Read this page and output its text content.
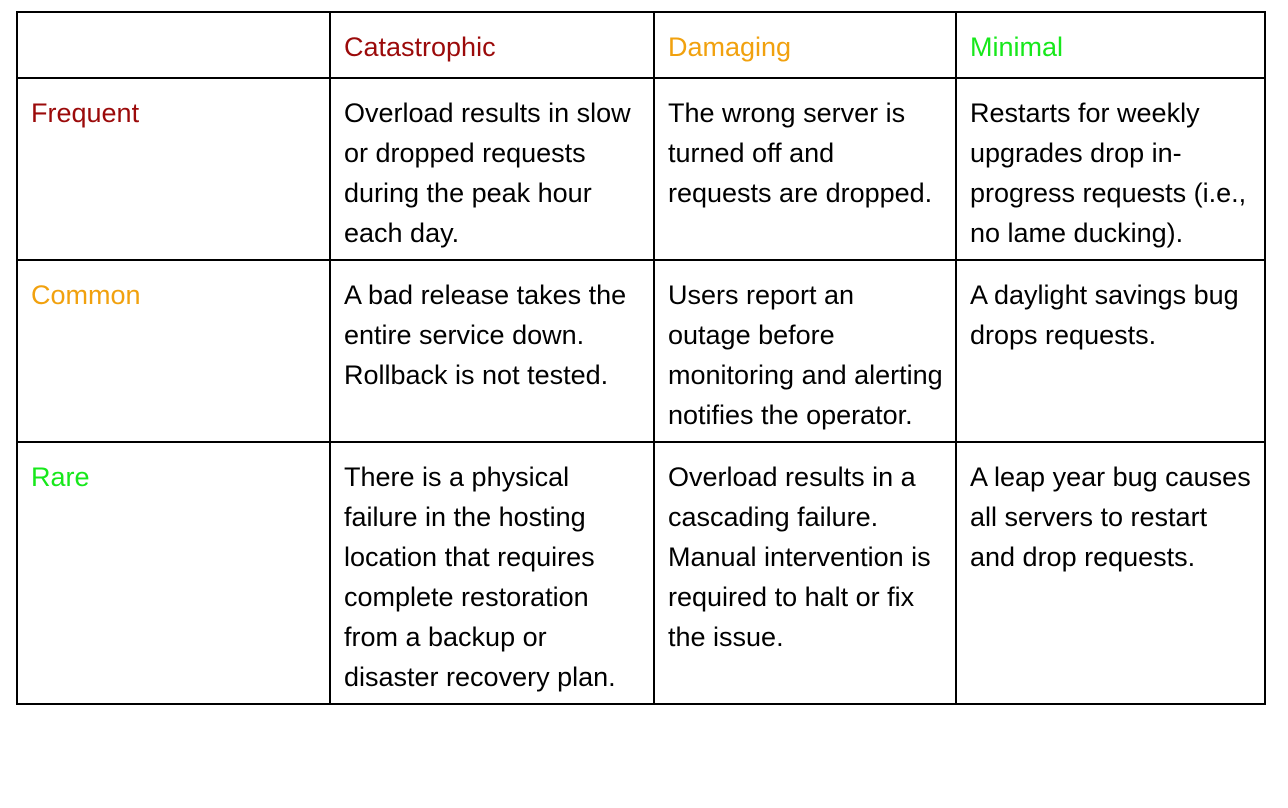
	Catastrophic	Damaging	Minimal
Frequent	Overload results in slow or dropped requests during the peak hour each day.	The wrong server is turned off and requests are dropped.	Restarts for weekly upgrades drop in-progress requests (i.e., no lame ducking).
Common	A bad release takes the entire service down. Rollback is not tested.	Users report an outage before monitoring and alerting notifies the operator.	A daylight savings bug drops requests.
Rare	There is a physical failure in the hosting location that requires complete restoration from a backup or disaster recovery plan.	Overload results in a cascading failure. Manual intervention is required to halt or fix the issue.	A leap year bug causes all servers to restart and drop requests.
